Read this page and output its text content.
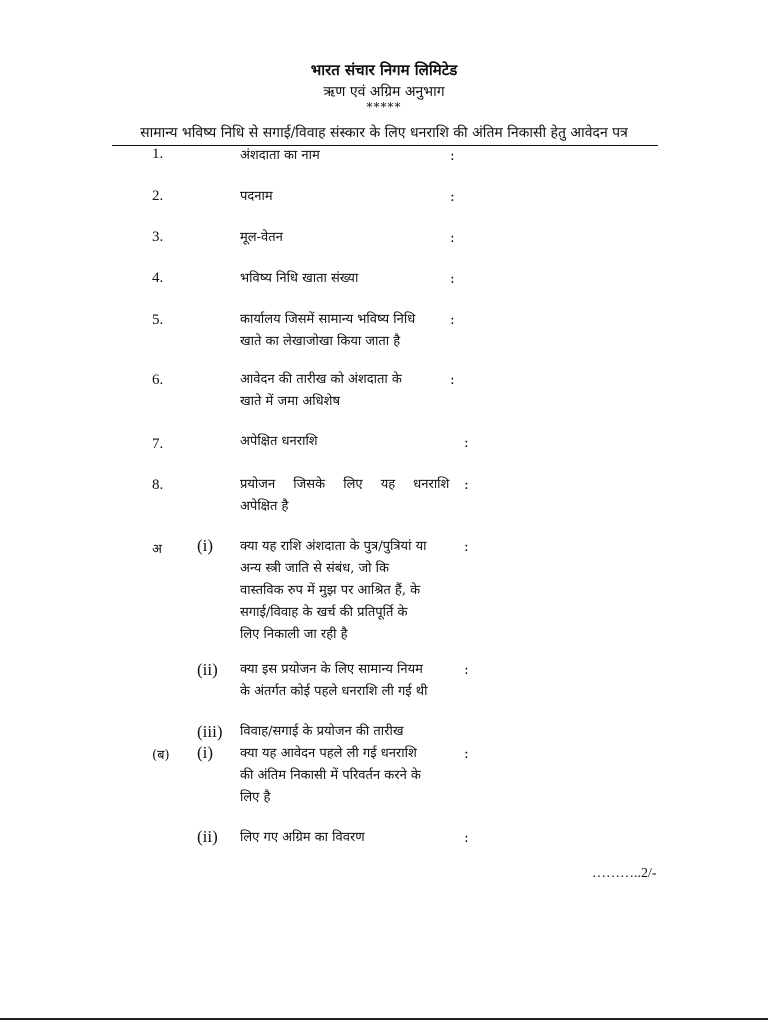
भारत संचार निगम लिमिटेड
ऋण एवं अग्रिम अनुभाग
*****
सामान्य भविष्य निधि से सगाई/विवाह संस्कार के लिए धनराशि की अंतिम निकासी हेतु आवेदन पत्र
1.	अंशदाता का नाम	:
2.	पदनाम	:
3.	मूल-वेतन	:
4.	भविष्य निधि खाता संख्या	:
5.	कार्यालय जिसमें सामान्य भविष्य निधि
खाते का लेखाजोखा किया जाता है
:
6.	आवेदन की तारीख को अंशदाता के
खाते में जमा अधिशेष
:
7.	अपेक्षित धनराशि	:
8.	प्रयोजन जिसके लिए यह धनराशि
अपेक्षित है
:
अ (i) क्या यह राशि अंशदाता के पुत्र/पुत्रियां या
अन्य स्त्री जाति से संबंध, जो कि
वास्तविक रुप में मुझ पर आश्रित हैं, के
सगाई/विवाह के खर्च की प्रतिपूर्ति के
लिए निकाली जा रही है
:
(ii) क्या इस प्रयोजन के लिए सामान्य नियम
के अंतर्गत कोई पहले धनराशि ली गई थी
:
(iii) विवाह/सगाई के प्रयोजन की तारीख
(ब) (i) क्या यह आवेदन पहले ली गई धनराशि
की अंतिम निकासी में परिवर्तन करने के
लिए है
:
(ii) लिए गए अग्रिम का विवरण	:
………..2/-
